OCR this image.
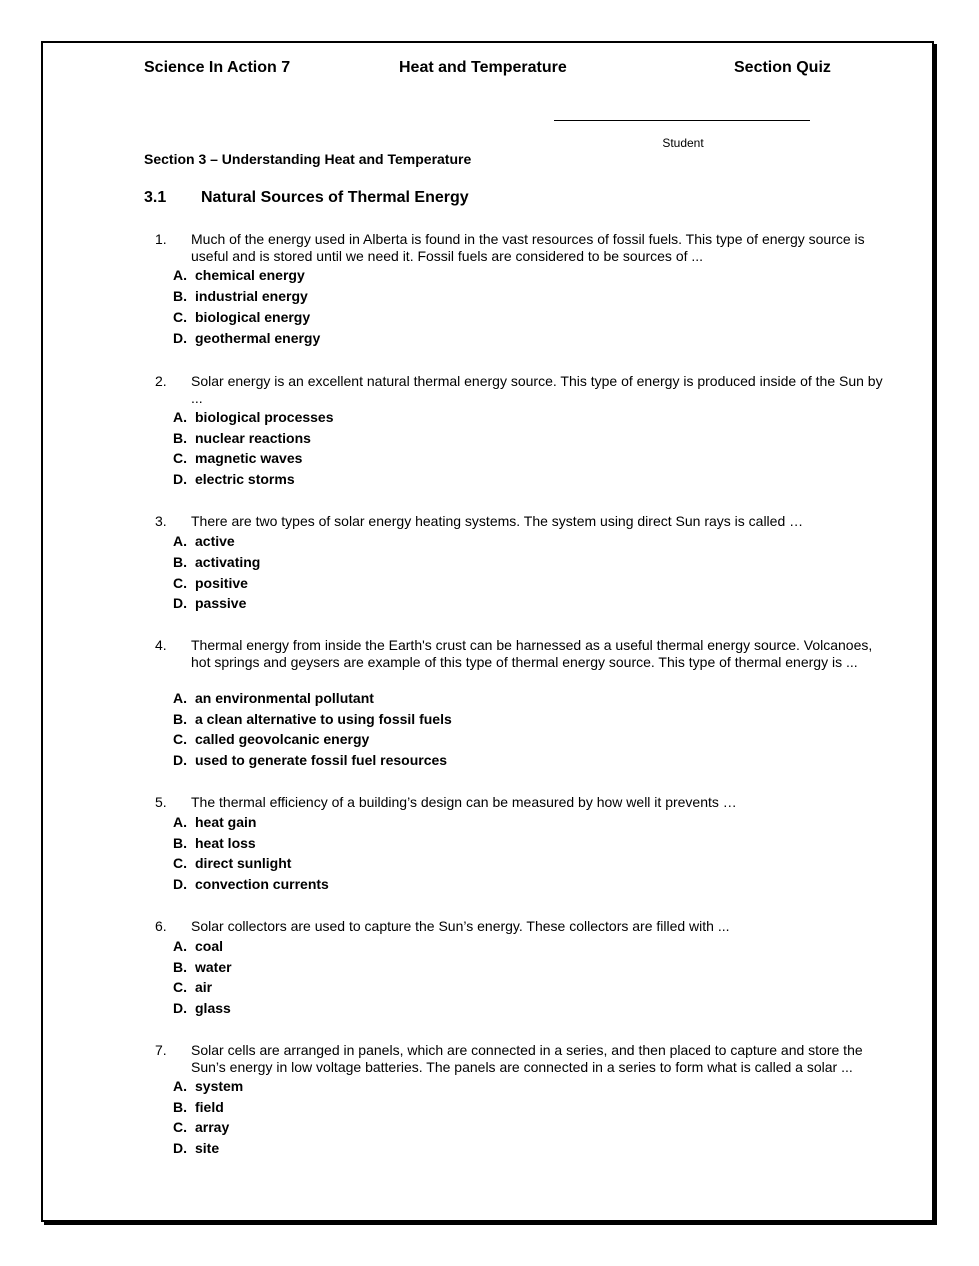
Science In Action 7	Heat and Temperature	Section Quiz
Student
Section 3 – Understanding Heat and Temperature
3.1 Natural Sources of Thermal Energy
1. Much of the energy used in Alberta is found in the vast resources of fossil fuels. This type of energy source is useful and is stored until we need it. Fossil fuels are considered to be sources of ...
A. chemical energy
B. industrial energy
C. biological energy
D. geothermal energy
2. Solar energy is an excellent natural thermal energy source. This type of energy is produced inside of the Sun by ...
A. biological processes
B. nuclear reactions
C. magnetic waves
D. electric storms
3. There are two types of solar energy heating systems. The system using direct Sun rays is called …
A. active
B. activating
C. positive
D. passive
4. Thermal energy from inside the Earth's crust can be harnessed as a useful thermal energy source. Volcanoes, hot springs and geysers are example of this type of thermal energy source. This type of thermal energy is ...
A. an environmental pollutant
B. a clean alternative to using fossil fuels
C. called geovolcanic energy
D. used to generate fossil fuel resources
5. The thermal efficiency of a building’s design can be measured by how well it prevents …
A. heat gain
B. heat loss
C. direct sunlight
D. convection currents
6. Solar collectors are used to capture the Sun’s energy. These collectors are filled with ...
A. coal
B. water
C. air
D. glass
7. Solar cells are arranged in panels, which are connected in a series, and then placed to capture and store the Sun’s energy in low voltage batteries. The panels are connected in a series to form what is called a solar ...
A. system
B. field
C. array
D. site
